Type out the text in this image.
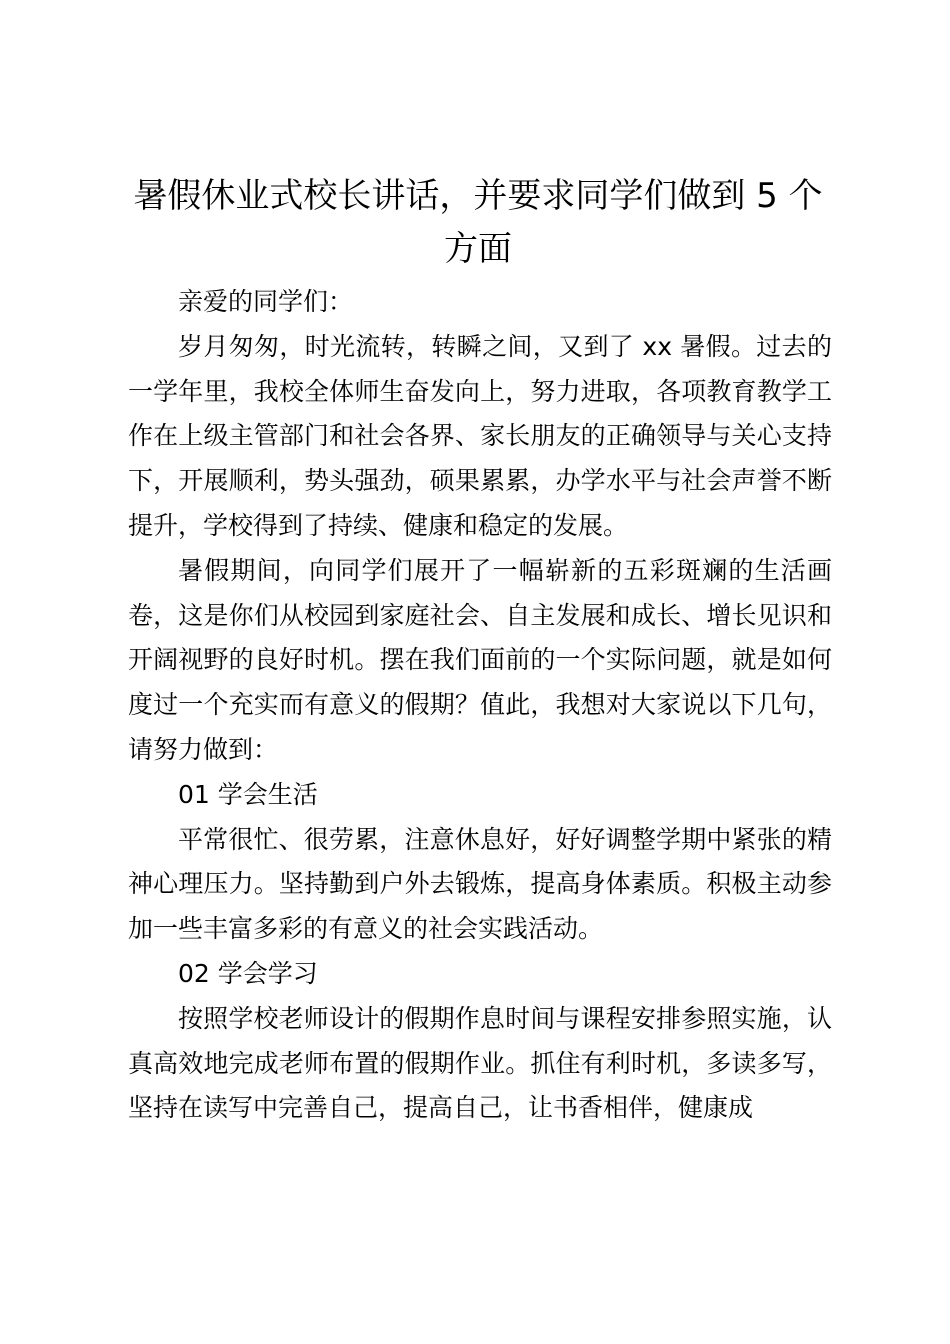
暑假休业式校长讲话，并要求同学们做到 5 个方面

亲爱的同学们：

岁月匆匆，时光流转，转瞬之间，又到了 xx 暑假。过去的一学年里，我校全体师生奋发向上，努力进取，各项教育教学工作在上级主管部门和社会各界、家长朋友的正确领导与关心支持下，开展顺利，势头强劲，硕果累累，办学水平与社会声誉不断提升，学校得到了持续、健康和稳定的发展。

暑假期间，向同学们展开了一幅崭新的五彩斑斓的生活画卷，这是你们从校园到家庭社会、自主发展和成长、增长见识和开阔视野的良好时机。摆在我们面前的一个实际问题，就是如何度过一个充实而有意义的假期？值此，我想对大家说以下几句，请努力做到：

01 学会生活

平常很忙、很劳累，注意休息好，好好调整学期中紧张的精神心理压力。坚持勤到户外去锻炼，提高身体素质。积极主动参加一些丰富多彩的有意义的社会实践活动。

02 学会学习

按照学校老师设计的假期作息时间与课程安排参照实施，认真高效地完成老师布置的假期作业。抓住有利时机，多读多写，坚持在读写中完善自己，提高自己，让书香相伴，健康成
